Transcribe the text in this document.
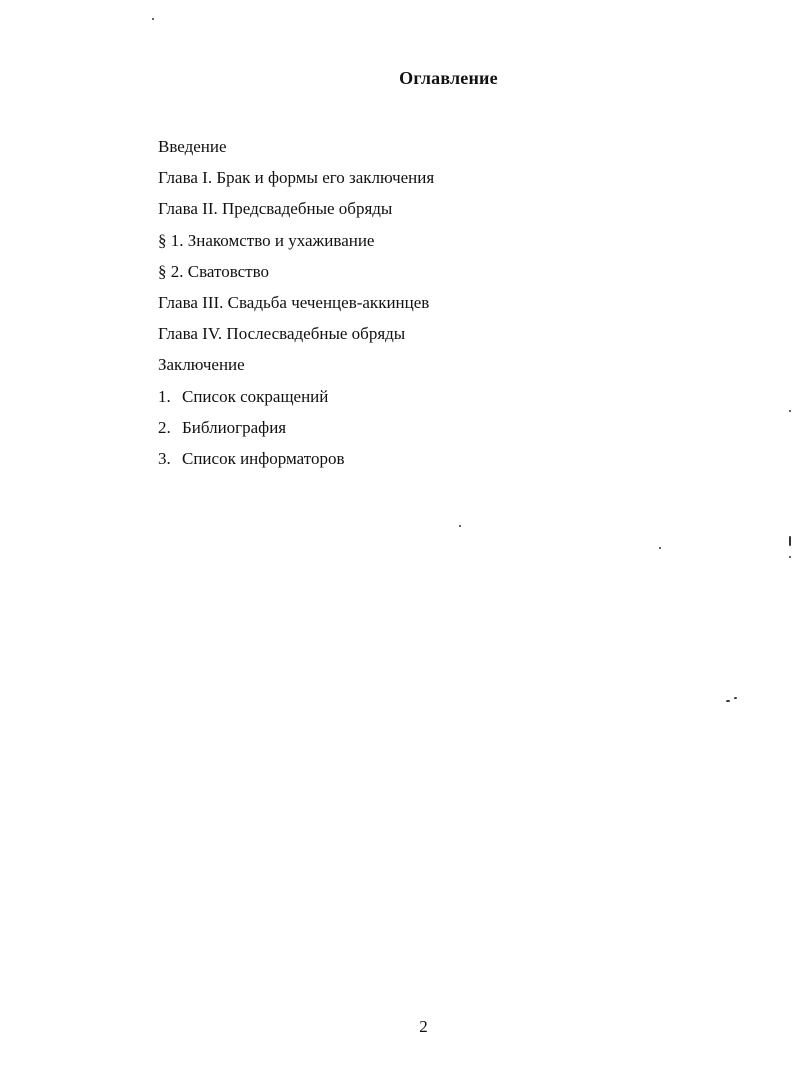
Оглавление
Введение
Глава I. Брак и формы его заключения
Глава II. Предсвадебные обряды
§ 1. Знакомство и ухаживание
§ 2. Сватовство
Глава III. Свадьба чеченцев-аккинцев
Глава IV. Послесвадебные обряды
Заключение
1. Список сокращений
2. Библиография
3. Список информаторов
2
